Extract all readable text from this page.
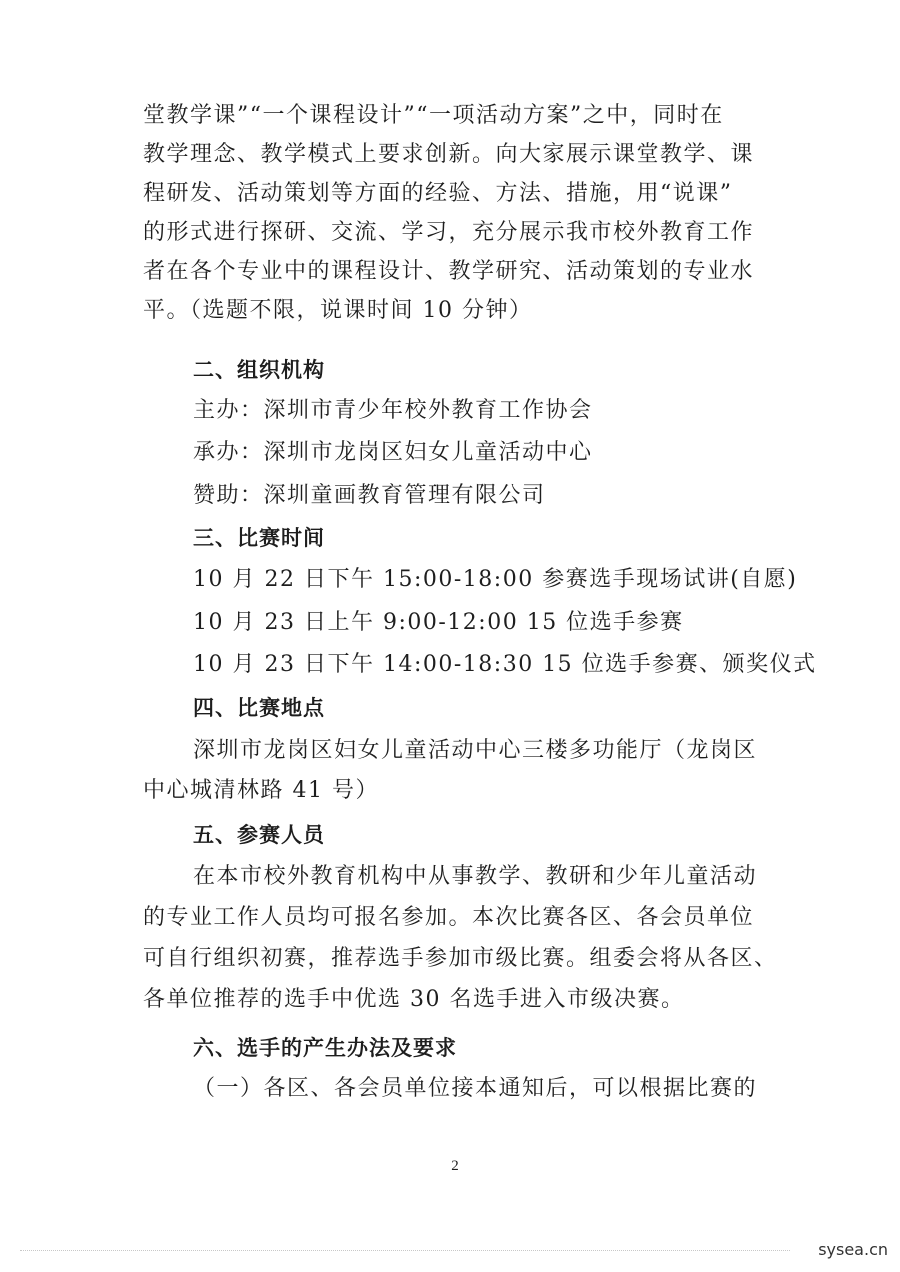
堂教学课”“一个课程设计”“一项活动方案”之中，同时在
教学理念、教学模式上要求创新。向大家展示课堂教学、课
程研发、活动策划等方面的经验、方法、措施，用“说课”
的形式进行探研、交流、学习，充分展示我市校外教育工作
者在各个专业中的课程设计、教学研究、活动策划的专业水
平。（选题不限，说课时间 10 分钟）
二、组织机构
主办：深圳市青少年校外教育工作协会
承办：深圳市龙岗区妇女儿童活动中心
赞助：深圳童画教育管理有限公司
三、比赛时间
10 月 22 日下午 15:00-18:00 参赛选手现场试讲(自愿)
10 月 23 日上午 9:00-12:00 15 位选手参赛
10 月 23 日下午 14:00-18:30 15 位选手参赛、颁奖仪式
四、比赛地点
深圳市龙岗区妇女儿童活动中心三楼多功能厅（龙岗区
中心城清林路 41 号）
五、参赛人员
在本市校外教育机构中从事教学、教研和少年儿童活动
的专业工作人员均可报名参加。本次比赛各区、各会员单位
可自行组织初赛，推荐选手参加市级比赛。组委会将从各区、
各单位推荐的选手中优选 30 名选手进入市级决赛。
六、选手的产生办法及要求
（一）各区、各会员单位接本通知后，可以根据比赛的
2
sysea.cn
